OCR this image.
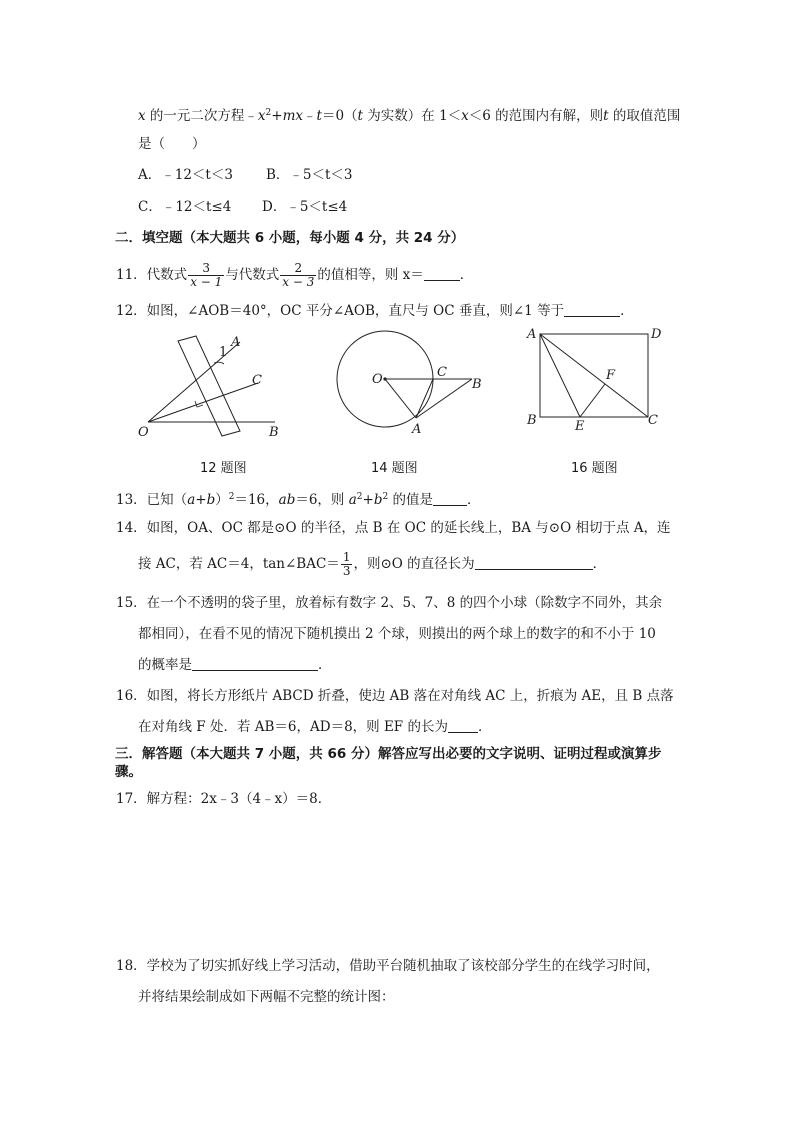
x 的一元二次方程$﹣x^2+mx﹣t=0(t$ 为实数）在 1＜x＜6 的范围内有解，则t 的取值范围
是（　　）
A．﹣12＜t＜3 B．﹣5＜t＜3
C．﹣12＜t≤4 D．﹣5＜t≤4
二．填空题（本大题共 6 小题，每小题 4 分，共 24 分）
11．代数式 $\frac{3}{x - 1}$ 与代数式 $\frac{2}{x - 3}$ 的值相等，则 x＝	．
12．如图，∠AOB＝40°，OC 平分∠AOB，直尺与 OC 垂直，则∠1 等于	．
A
1
C
O	B
12 题图
O	C
B
A
14 题图
A	D
F
B	E	C
16 题图
13．已知$(a+b)^2=16$，ab＝6，则 $a^2+b^2$ 的值是	．
14．如图，OA、OC 都是⊙O 的半径，点 B 在 OC 的延长线上，BA 与⊙O 相切于点 A，连
接 AC，若 AC＝4，tan∠BAC＝ $\frac{1}{3}$ ，则⊙O 的直径长为	．
15．在一个不透明的袋子里，放着标有数字 2、5、7、8 的四个小球（除数字不同外，其余
都相同），在看不见的情况下随机摸出 2 个球，则摸出的两个球上的数字的和不小于 10
的概率是	．
16．如图，将长方形纸片 ABCD 折叠，使边 AB 落在对角线 AC 上，折痕为 AE，且 B 点落
在对角线 F 处．若 AB＝6，AD＝8，则 EF 的长为 ．
三．解答题（本大题共 7 小题，共 66 分）解答应写出必要的文字说明、证明过程或演算步
骤。
17．解方程：2x﹣3（4﹣x）＝8．
18．学校为了切实抓好线上学习活动，借助平台随机抽取了该校部分学生的在线学习时间，
并将结果绘制成如下两幅不完整的统计图：
